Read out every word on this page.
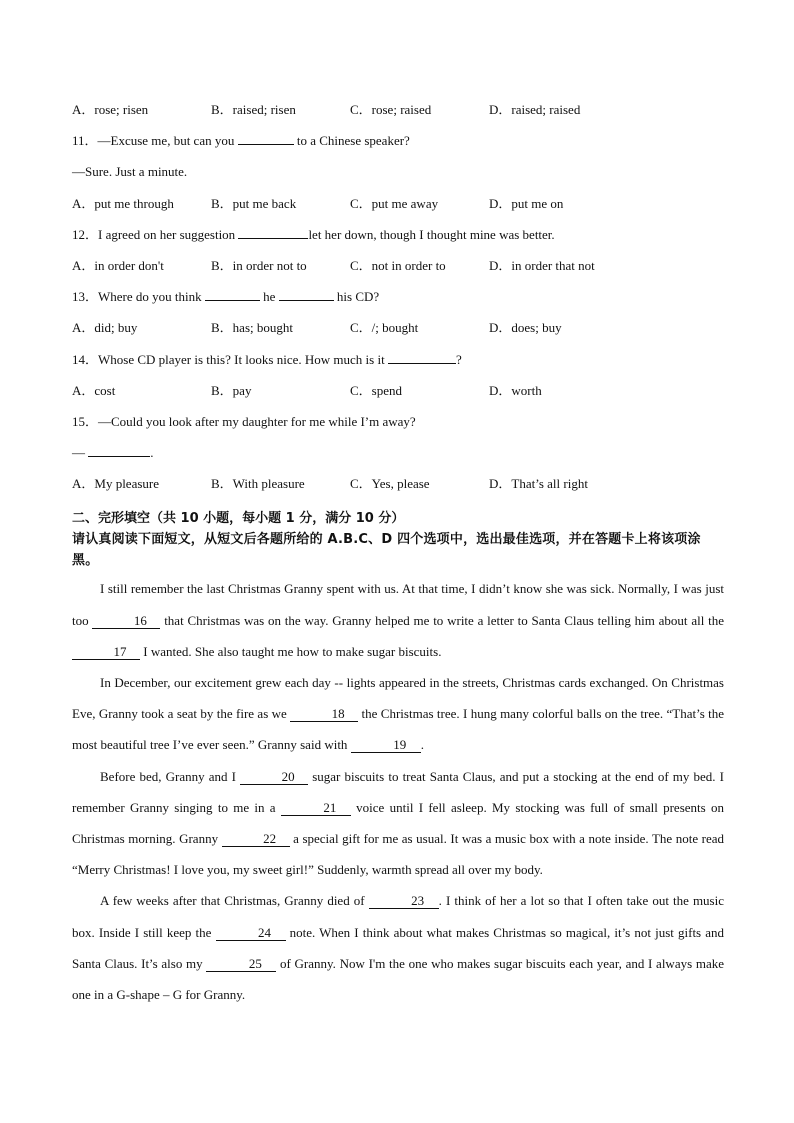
A．rose; risen	B．raised; risen	C．rose; raised	D．raised; raised
11．—Excuse me, but can you	to a Chinese speaker?
—Sure. Just a minute.
A．put me through	B．put me back	C．put me away	D．put me on
12．I agreed on her suggestion	let her down, though I thought mine was better.
A．in order don't	B．in order not to	C．not in order to	D．in order that not
13．Where do you think	he	his CD?
A．did; buy	B．has; bought	C．/; bought	D．does; buy
14．Whose CD player is this? It looks nice. How much is it	?
A．cost	B．pay	C．spend	D．worth
15．—Could you look after my daughter for me while I’m away?
—	.
A．My pleasure	B．With pleasure	C．Yes, please	D．That’s all right
二、完形填空（共 10 小题，每小题 1 分，满分 10 分）
请认真阅读下面短文，从短文后各题所给的 A.B.C、D 四个选项中，选出最佳选项，并在答题卡上将该项涂黑。

I still remember the last Christmas Granny spent with us. At that time, I didn’t know she was sick. Normally, I was just too	16 that Christmas was on the way. Granny helped me to write a letter to Santa Claus telling him about all the 17 I wanted. She also taught me how to make sugar biscuits.

In December, our excitement grew each day -- lights appeared in the streets, Christmas cards exchanged. On Christmas Eve, Granny took a seat by the fire as we	18 the Christmas tree. I hung many colorful balls on the tree. “That’s the most beautiful tree I’ve ever seen.” Granny said with	19 .

Before bed, Granny and I	20 sugar biscuits to treat Santa Claus, and put a stocking at the end of my bed. I remember Granny singing to me in a	21 voice until I fell asleep. My stocking was full of small presents on Christmas morning. Granny	22 a special gift for me as usual. It was a music box with a note inside. The note read “Merry Christmas! I love you, my sweet girl!” Suddenly, warmth spread all over my body.

A few weeks after that Christmas, Granny died of	23 . I think of her a lot so that I often take out the music box. Inside I still keep the	24 note. When I think about what makes Christmas so magical, it’s not just gifts and Santa Claus. It’s also my	25 of Granny. Now I'm the one who makes sugar biscuits each year, and I always make one in a G-shape – G for Granny.
